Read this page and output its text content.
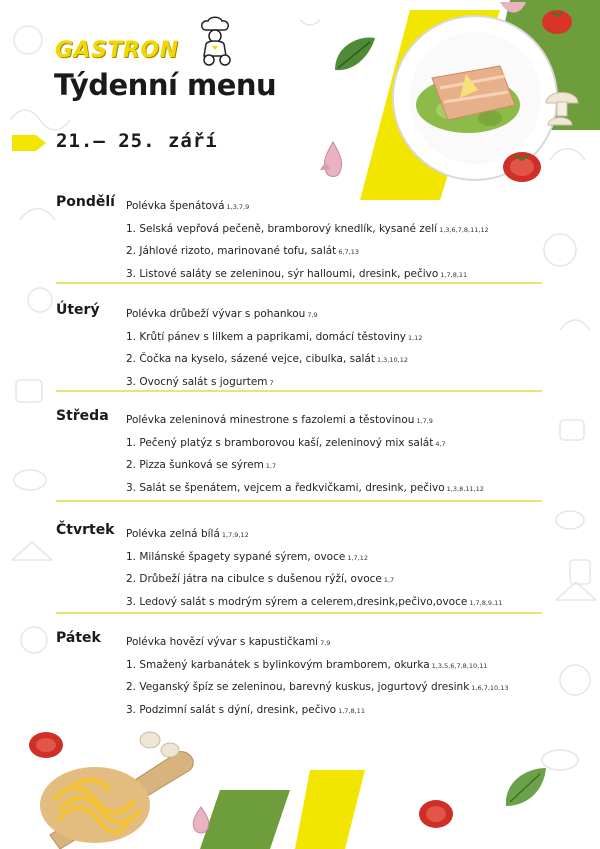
GASTRON
Týdenní menu
21.– 25. září
Pondělí Polévka špenátová 1,3,7,9
1. Selská vepřová pečeně, bramborový knedlík, kysané zelí 1,3,6,7,8,11,12
2. Jáhlové rizoto, marinované tofu, salát 6,7,13
3. Listové saláty se zeleninou, sýr halloumi, dresink, pečivo 1,7,8,11
Úterý	Polévka drůbeží vývar s pohankou 7,9
1. Krůtí pánev s lilkem a paprikami, domácí těstoviny 1,12
2. Čočka na kyselo, sázené vejce, cibulka, salát 1,3,10,12
3. Ovocný salát s jogurtem 7
Středa Polévka zeleninová minestrone s fazolemi a těstovinou 1,7,9
1. Pečený platýz s bramborovou kaší, zeleninový mix salát 4,7
2. Pizza šunková se sýrem 1,7
3. Salát se špenátem, vejcem a ředkvičkami, dresink, pečivo 1,3,8,11,12
Čtvrtek Polévka zelná bílá 1,7,9,12
1. Milánské špagety sypané sýrem, ovoce 1,7,12
2. Drůbeží játra na cibulce s dušenou rýží, ovoce 1,7
3. Ledový salát s modrým sýrem a celerem,dresink,pečivo,ovoce 1,7,8,9,11
Pátek Polévka hovězí vývar s kapustičkami 7,9
1. Smažený karbanátek s bylinkovým bramborem, okurka 1,3,5,6,7,8,10,11
2. Veganský špíz se zeleninou, barevný kuskus, jogurtový dresink 1,6,7,10,13
3. Podzimní salát s dýní, dresink, pečivo 1,7,8,11
